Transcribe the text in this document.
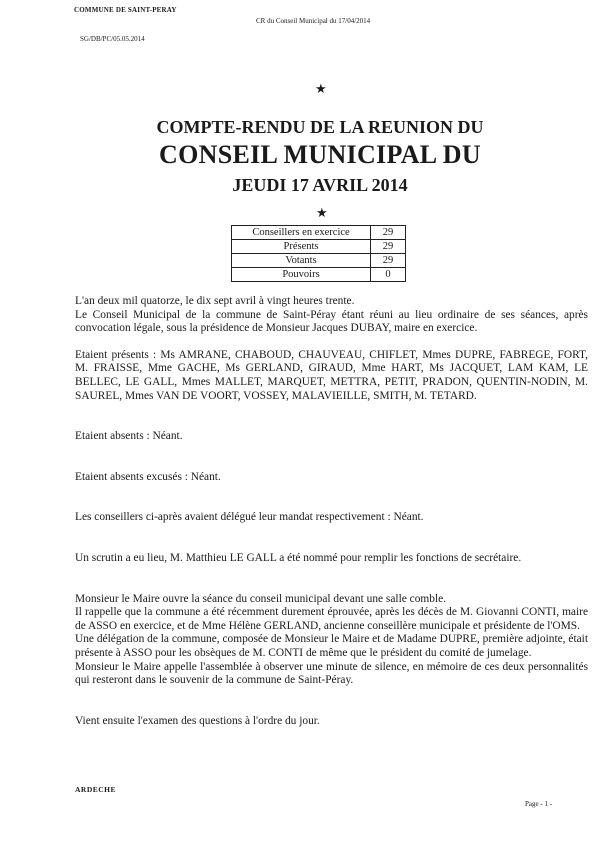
COMMUNE DE SAINT-PERAY
CR du Conseil Municipal du 17/04/2014
SG/DB/PC/05.05.2014
★
COMPTE-RENDU DE LA REUNION DU
CONSEIL MUNICIPAL DU
JEUDI 17 AVRIL 2014
★
Conseillers en exercice	29
Présents	29
Votants	29
Pouvoirs	0

L'an deux mil quatorze, le dix sept avril à vingt heures trente.

Le Conseil Municipal de la commune de Saint-Péray étant réuni au lieu ordinaire de ses séances, après convocation légale, sous la présidence de Monsieur Jacques DUBAY, maire en exercice.

Etaient présents : Ms AMRANE, CHABOUD, CHAUVEAU, CHIFLET, Mmes DUPRE, FABREGE, FORT, M. FRAISSE, Mme GACHE, Ms GERLAND, GIRAUD, Mme HART, Ms JACQUET, LAM KAM, LE BELLEC, LE GALL, Mmes MALLET, MARQUET, METTRA, PETIT, PRADON, QUENTIN-NODIN, M. SAUREL, Mmes VAN DE VOORT, VOSSEY, MALAVIEILLE, SMITH, M. TETARD.

Etaient absents : Néant.

Etaient absents excusés : Néant.

Les conseillers ci-après avaient délégué leur mandat respectivement : Néant.

Un scrutin a eu lieu, M. Matthieu LE GALL a été nommé pour remplir les fonctions de secrétaire.

Monsieur le Maire ouvre la séance du conseil municipal devant une salle comble.

Il rappelle que la commune a été récemment durement éprouvée, après les décès de M. Giovanni CONTI, maire de ASSO en exercice, et de Mme Hélène GERLAND, ancienne conseillère municipale et présidente de l'OMS.

Une délégation de la commune, composée de Monsieur le Maire et de Madame DUPRE, première adjointe, était présente à ASSO pour les obsèques de M. CONTI de même que le président du comité de jumelage.

Monsieur le Maire appelle l'assemblée à observer une minute de silence, en mémoire de ces deux personnalités qui resteront dans le souvenir de la commune de Saint-Péray.

Vient ensuite l'examen des questions à l'ordre du jour.

ARDECHE
Page - 1 -
